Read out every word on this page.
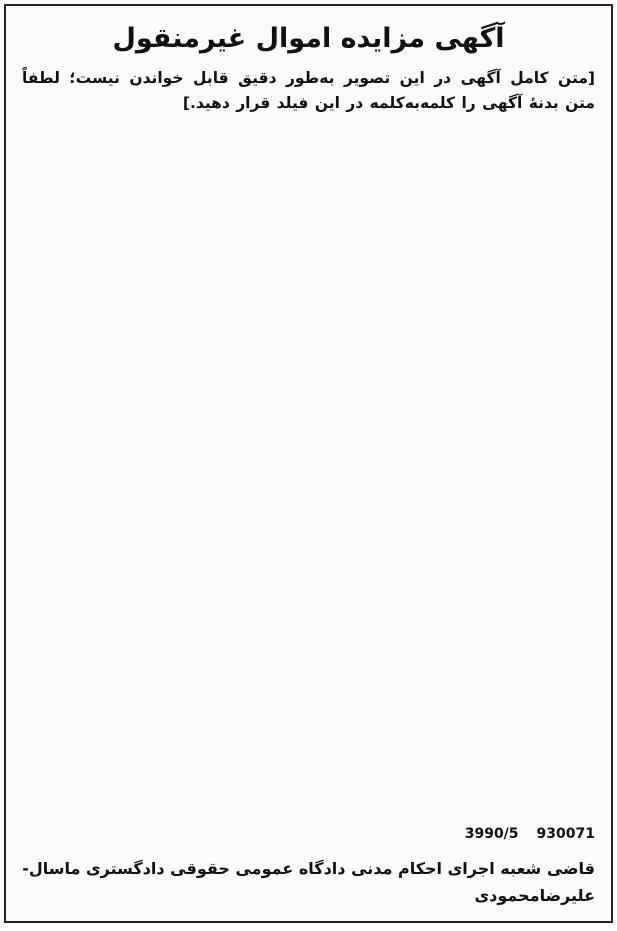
آگهی مزایده اموال غیرمنقول

[متن کامل آگهی در این تصویر به‌طور دقیق قابل خواندن نیست؛ لطفاً متن بدنهٔ آگهی را کلمه‌به‌کلمه در این فیلد قرار دهید.]

930071
3990/5
قاضی شعبه اجرای احکام مدنی دادگاه عمومی حقوقی دادگستری ماسال-
علیرضامحمودی
